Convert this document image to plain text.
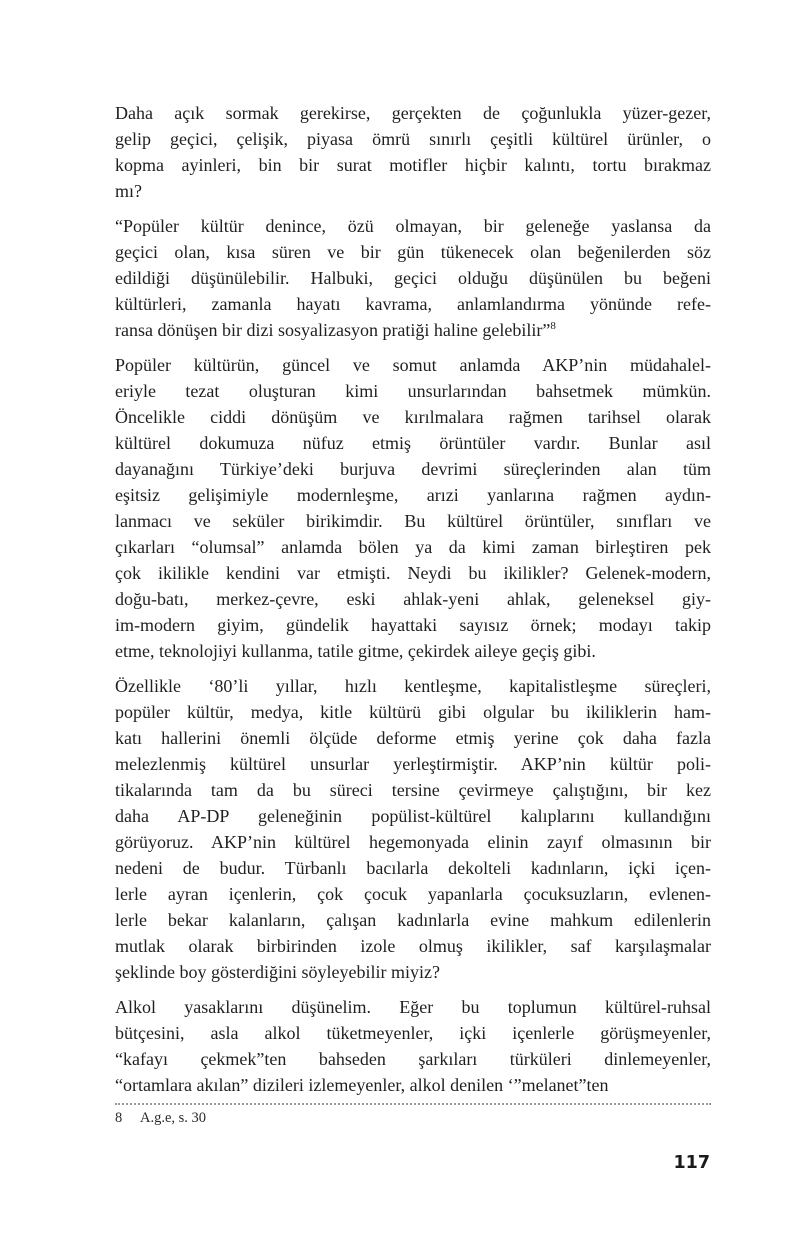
Daha açık sormak gerekirse, gerçekten de çoğunlukla yüzer-gezer,
gelip geçici, çelişik, piyasa ömrü sınırlı çeşitli kültürel ürünler, o
kopma ayinleri, bin bir surat motifler hiçbir kalıntı, tortu bırakmaz
mı?
“Popüler kültür denince, özü olmayan, bir geleneğe yaslansa da
geçici olan, kısa süren ve bir gün tükenecek olan beğenilerden söz
edildiği düşünülebilir. Halbuki, geçici olduğu düşünülen bu beğeni
kültürleri, zamanla hayatı kavrama, anlamlandırma yönünde refe-
ransa dönüşen bir dizi sosyalizasyon pratiği haline gelebilir”$^8$
Popüler kültürün, güncel ve somut anlamda AKP’nin müdahalel-
eriyle tezat oluşturan kimi unsurlarından bahsetmek mümkün.
Öncelikle ciddi dönüşüm ve kırılmalara rağmen tarihsel olarak
kültürel dokumuza nüfuz etmiş örüntüler vardır. Bunlar asıl
dayanağını Türkiye’deki burjuva devrimi süreçlerinden alan tüm
eşitsiz gelişimiyle modernleşme, arızi yanlarına rağmen aydın-
lanmacı ve seküler birikimdir. Bu kültürel örüntüler, sınıfları ve
çıkarları “olumsal” anlamda bölen ya da kimi zaman birleştiren pek
çok ikilikle kendini var etmişti. Neydi bu ikilikler? Gelenek-modern,
doğu-batı, merkez-çevre, eski ahlak-yeni ahlak, geleneksel giy-
im-modern giyim, gündelik hayattaki sayısız örnek; modayı takip
etme, teknolojiyi kullanma, tatile gitme, çekirdek aileye geçiş gibi.
Özellikle ‘80’li yıllar, hızlı kentleşme, kapitalistleşme süreçleri,
popüler kültür, medya, kitle kültürü gibi olgular bu ikiliklerin ham-
katı hallerini önemli ölçüde deforme etmiş yerine çok daha fazla
melezlenmiş kültürel unsurlar yerleştirmiştir. AKP’nin kültür poli-
tikalarında tam da bu süreci tersine çevirmeye çalıştığını, bir kez
daha AP-DP geleneğinin popülist-kültürel kalıplarını kullandığını
görüyoruz. AKP’nin kültürel hegemonyada elinin zayıf olmasının bir
nedeni de budur. Türbanlı bacılarla dekolteli kadınların, içki içen-
lerle ayran içenlerin, çok çocuk yapanlarla çocuksuzların, evlenen-
lerle bekar kalanların, çalışan kadınlarla evine mahkum edilenlerin
mutlak olarak birbirinden izole olmuş ikilikler, saf karşılaşmalar
şeklinde boy gösterdiğini söyleyebilir miyiz?
Alkol yasaklarını düşünelim. Eğer bu toplumun kültürel-ruhsal
bütçesini, asla alkol tüketmeyenler, içki içenlerle görüşmeyenler,
“kafayı çekmek”ten bahseden şarkıları türküleri dinlemeyenler,
“ortamlara akılan” dizileri izlemeyenler, alkol denilen ‘”melanet”ten
8 A.g.e, s. 30
117
